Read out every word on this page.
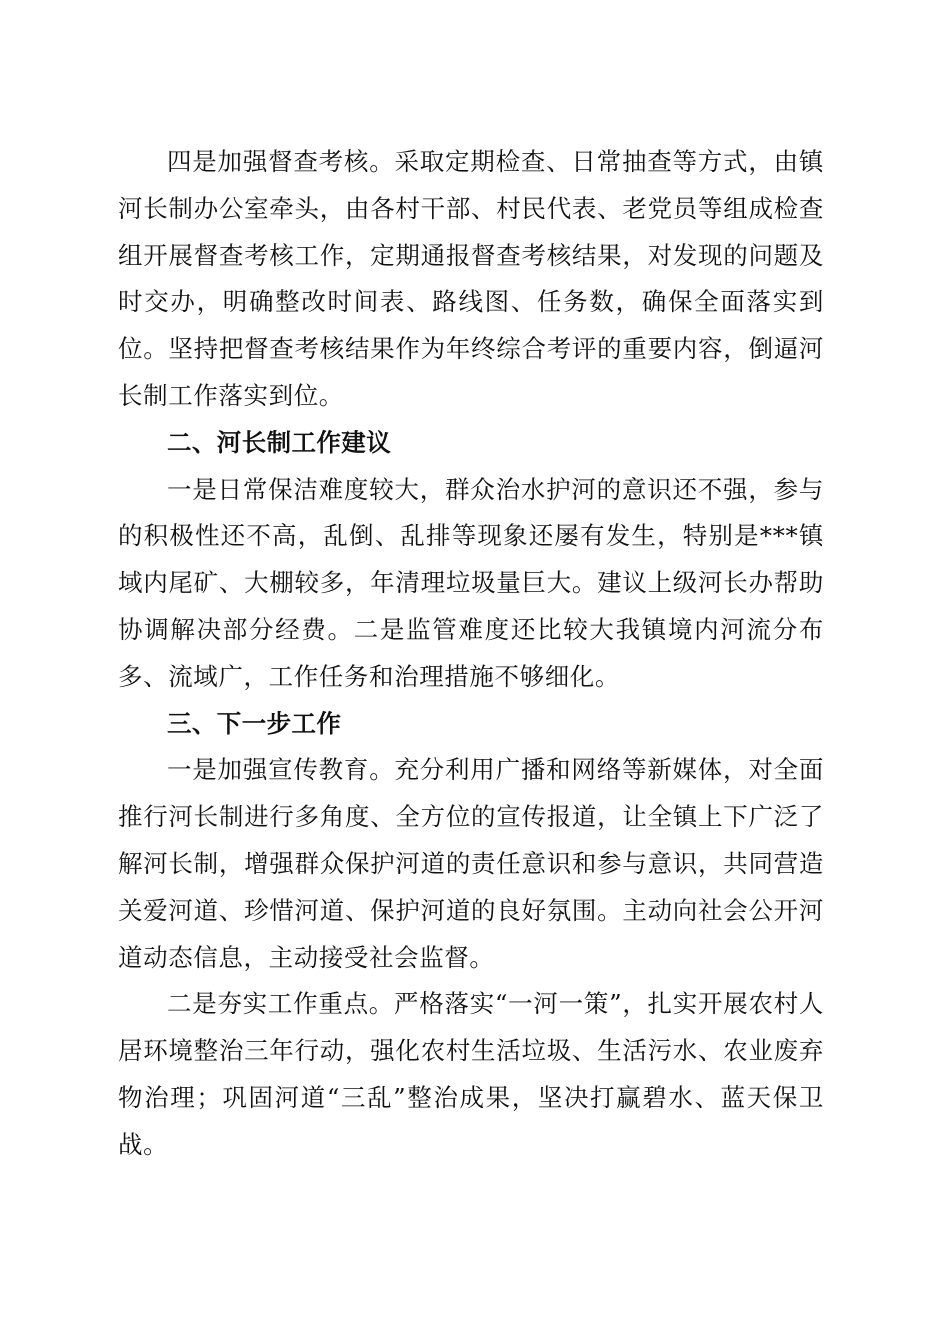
四是加强督查考核。采取定期检查、日常抽查等方式，由镇河长制办公室牵头，由各村干部、村民代表、老党员等组成检查组开展督查考核工作，定期通报督查考核结果，对发现的问题及时交办，明确整改时间表、路线图、任务数，确保全面落实到位。坚持把督查考核结果作为年终综合考评的重要内容，倒逼河长制工作落实到位。

二、河长制工作建议

一是日常保洁难度较大，群众治水护河的意识还不强，参与的积极性还不高，乱倒、乱排等现象还屡有发生，特别是***镇域内尾矿、大棚较多，年清理垃圾量巨大。建议上级河长办帮助协调解决部分经费。二是监管难度还比较大我镇境内河流分布多、流域广，工作任务和治理措施不够细化。

三、下一步工作

一是加强宣传教育。充分利用广播和网络等新媒体，对全面推行河长制进行多角度、全方位的宣传报道，让全镇上下广泛了解河长制，增强群众保护河道的责任意识和参与意识，共同营造关爱河道、珍惜河道、保护河道的良好氛围。主动向社会公开河道动态信息，主动接受社会监督。

二是夯实工作重点。严格落实“一河一策”，扎实开展农村人居环境整治三年行动，强化农村生活垃圾、生活污水、农业废弃物治理；巩固河道“三乱”整治成果，坚决打赢碧水、蓝天保卫战。
